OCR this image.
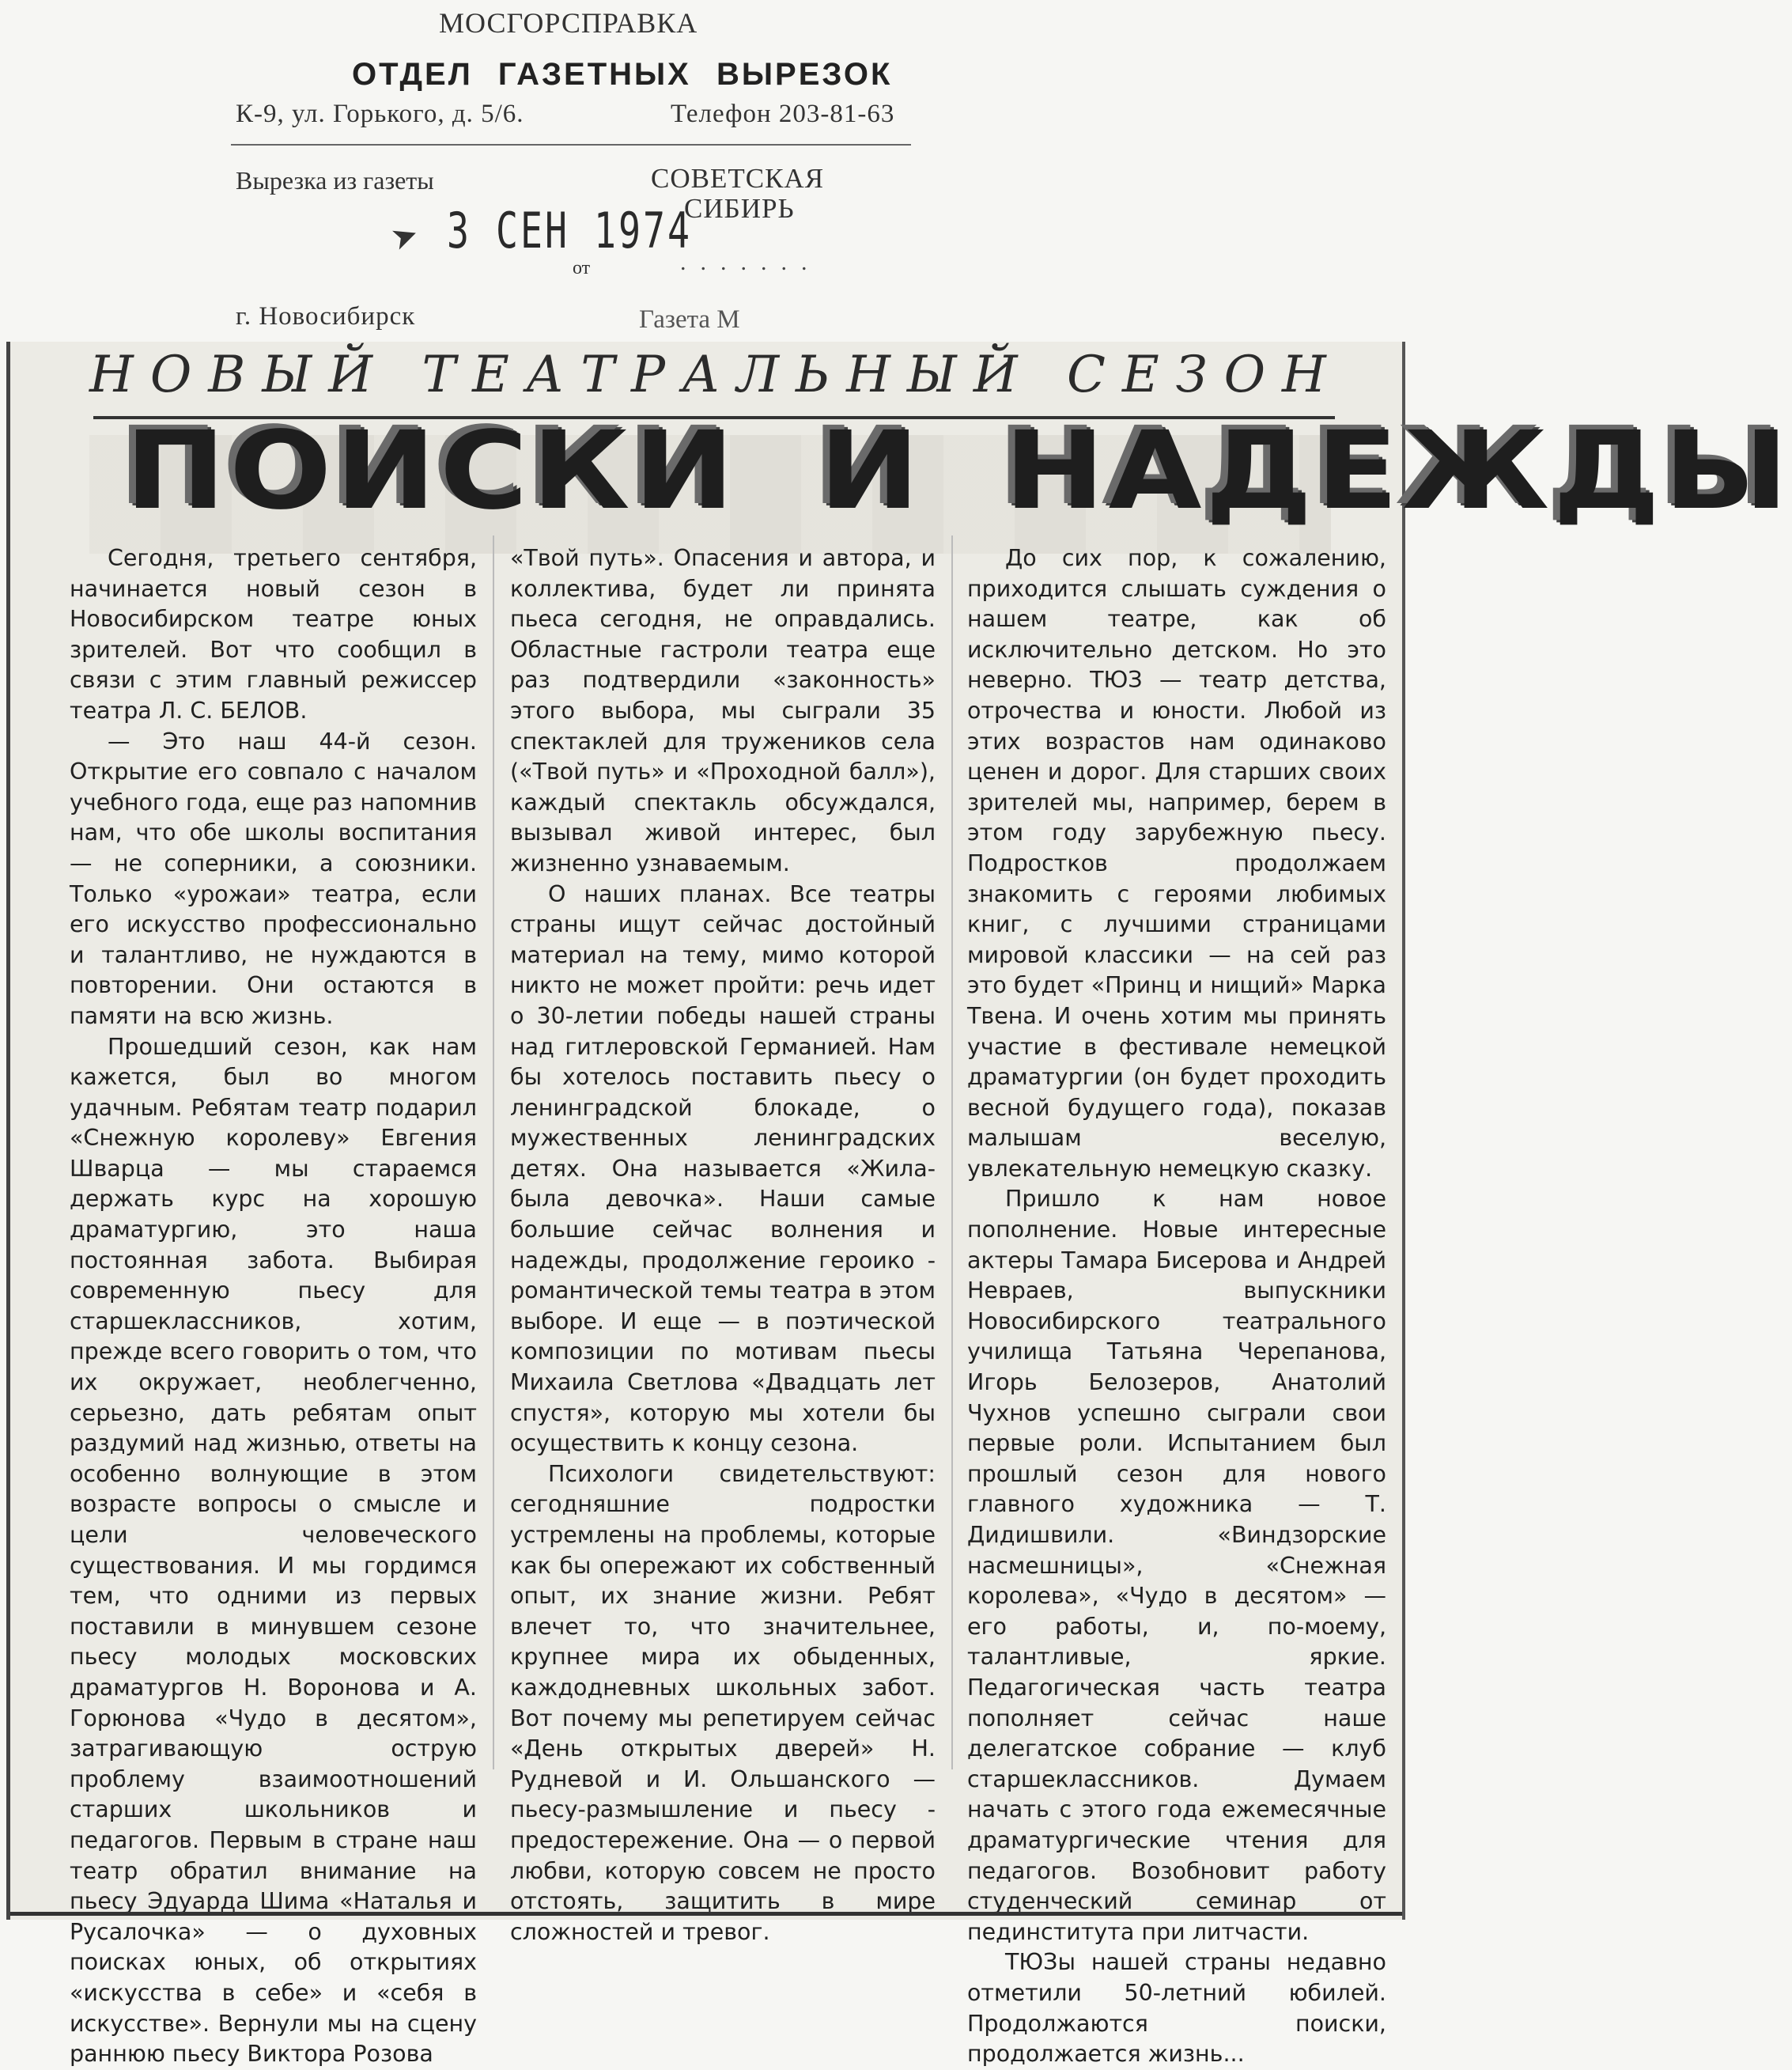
МОСГОРСПРАВКА
ОТДЕЛ ГАЗЕТНЫХ ВЫРЕЗОК
К-9, ул. Горького, д. 5/6.	Телефон 203-81-63
Вырезка из газеты	СОВЕТСКАЯ
СИБИРЬ
➤ 3 СЕН 1974
от	.......
г. Новосибирск	Газета М
НОВЫЙ ТЕАТРАЛЬНЫЙ СЕЗОН
ПОИСКИ И НАДЕЖДЫ

Сегодня, третьего сентября, начинается новый сезон в Новосибирском театре юных зрителей. Вот что сообщил в связи с этим главный режиссер театра Л. С. БЕЛОВ.

— Это наш 44-й сезон. Открытие его совпало с началом учебного года, еще раз напомнив нам, что обе школы воспитания — не соперники, а союзники. Только «урожаи» театра, если его искусство профессионально и талантливо, не нуждаются в повторении. Они остаются в памяти на всю жизнь.

Прошедший сезон, как нам кажется, был во многом удачным. Ребятам театр подарил «Снежную королеву» Евгения Шварца — мы стараемся держать курс на хорошую драматургию, это наша постоянная забота. Выбирая современную пьесу для старшеклассников, хотим, прежде всего говорить о том, что их окружает, необлегченно, серьезно, дать ребятам опыт раздумий над жизнью, ответы на особенно волнующие в этом возрасте вопросы о смысле и цели человеческого существования. И мы гордимся тем, что одними из первых поставили в минувшем сезоне пьесу молодых московских драматургов Н. Воронова и А. Горюнова «Чудо в десятом», затрагивающую острую проблему взаимоотношений старших школьников и педагогов. Первым в стране наш театр обратил внимание на пьесу Эдуарда Шима «Наталья и Русалочка» — о духовных поисках юных, об открытиях «искусства в себе» и «себя в искусстве». Вернули мы на сцену раннюю пьесу Виктора Розова

«Твой путь». Опасения и автора, и коллектива, будет ли принята пьеса сегодня, не оправдались. Областные гастроли театра еще раз подтвердили «законность» этого выбора, мы сыграли 35 спектаклей для тружеников села («Твой путь» и «Проходной балл»), каждый спектакль обсуждался, вызывал живой интерес, был жизненно узнаваемым.

О наших планах. Все театры страны ищут сейчас достойный материал на тему, мимо которой никто не может пройти: речь идет о 30-летии победы нашей страны над гитлеровской Германией. Нам бы хотелось поставить пьесу о ленинградской блокаде, о мужественных ленинградских детях. Она называется «Жила-была девочка». Наши самые большие сейчас волнения и надежды, продолжение героико - романтической темы театра в этом выборе. И еще — в поэтической композиции по мотивам пьесы Михаила Светлова «Двадцать лет спустя», которую мы хотели бы осуществить к концу сезона.

Психологи свидетельствуют: сегодняшние подростки устремлены на проблемы, которые как бы опережают их собственный опыт, их знание жизни. Ребят влечет то, что значительнее, крупнее мира их обыденных, каждодневных школьных забот. Вот почему мы репетируем сейчас «День открытых дверей» Н. Рудневой и И. Ольшанского — пьесу-размышление и пьесу - предостережение. Она — о первой любви, которую совсем не просто отстоять, защитить в мире сложностей и тревог.

До сих пор, к сожалению, приходится слышать суждения о нашем театре, как об исключительно детском. Но это неверно. ТЮЗ — театр детства, отрочества и юности. Любой из этих возрастов нам одинаково ценен и дорог. Для старших своих зрителей мы, например, берем в этом году зарубежную пьесу. Подростков продолжаем знакомить с героями любимых книг, с лучшими страницами мировой классики — на сей раз это будет «Принц и нищий» Марка Твена. И очень хотим мы принять участие в фестивале немецкой драматургии (он будет проходить весной будущего года), показав малышам веселую, увлекательную немецкую сказку.

Пришло к нам новое пополнение. Новые интересные актеры Тамара Бисерова и Андрей Невраев, выпускники Новосибирского театрального училища Татьяна Черепанова, Игорь Белозеров, Анатолий Чухнов успешно сыграли свои первые роли. Испытанием был прошлый сезон для нового главного художника — Т. Дидишвили. «Виндзорские насмешницы», «Снежная королева», «Чудо в десятом» — его работы, и, по-моему, талантливые, яркие. Педагогическая часть театра пополняет сейчас наше делегатское собрание — клуб старшеклассников. Думаем начать с этого года ежемесячные драматургические чтения для педагогов. Возобновит работу студенческий семинар от пединститута при литчасти.

ТЮЗы нашей страны недавно отметили 50-летний юбилей. Продолжаются поиски, продолжается жизнь...
